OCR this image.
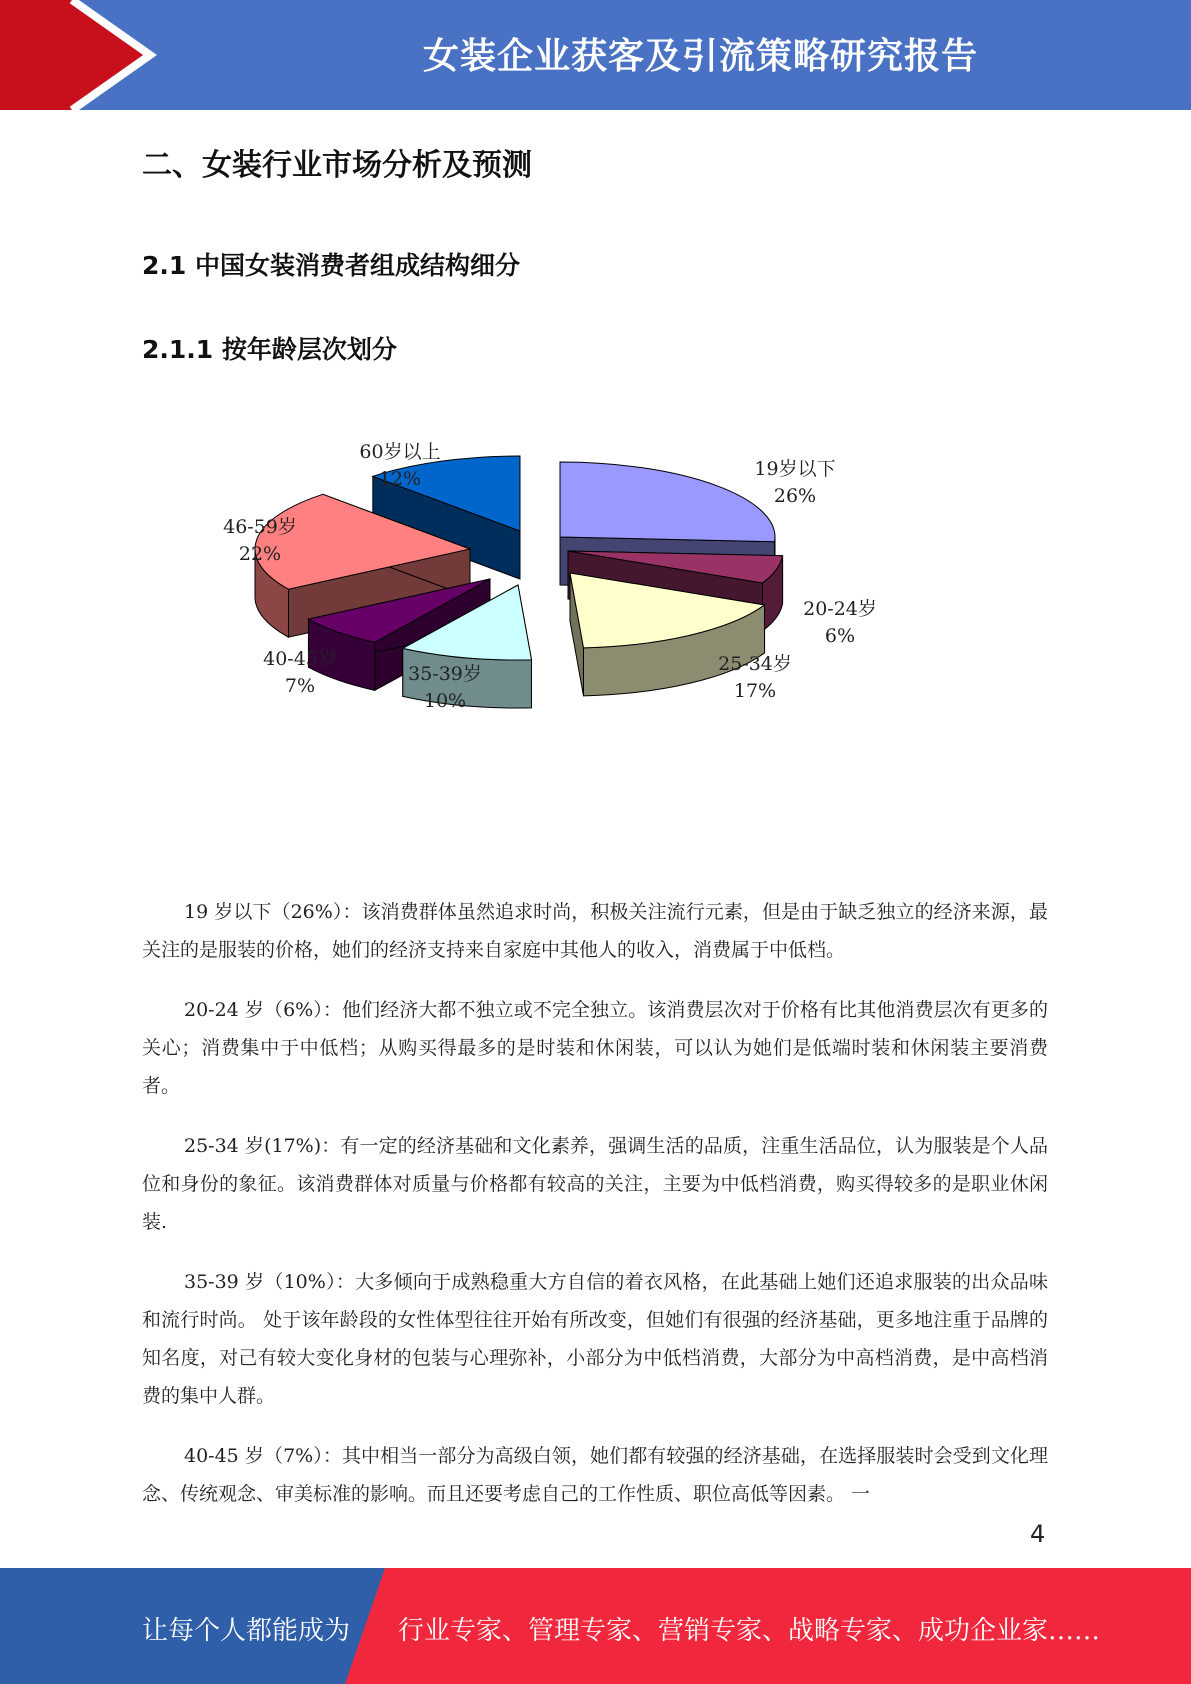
女装企业获客及引流策略研究报告
二、女装行业市场分析及预测
2.1 中国女装消费者组成结构细分
2.1.1 按年龄层次划分
19岁以下
26%
20-24岁
6%
25-34岁
17%
35-39岁
10%
40-45岁
7%
46-59岁
22%
60岁以上
12%

19 岁以下（26%）：该消费群体虽然追求时尚，积极关注流行元素，但是由于缺乏独立的经济来源，最关注的是服装的价格，她们的经济支持来自家庭中其他人的收入，消费属于中低档。

20-24 岁（6%）：他们经济大都不独立或不完全独立。该消费层次对于价格有比其他消费层次有更多的关心；消费集中于中低档；从购买得最多的是时装和休闲装，可以认为她们是低端时装和休闲装主要消费者。

25-34 岁(17%)：有一定的经济基础和文化素养，强调生活的品质，注重生活品位，认为服装是个人品位和身份的象征。该消费群体对质量与价格都有较高的关注，主要为中低档消费，购买得较多的是职业休闲装.

35-39 岁（10%）：大多倾向于成熟稳重大方自信的着衣风格，在此基础上她们还追求服装的出众品味和流行时尚。 处于该年龄段的女性体型往往开始有所改变，但她们有很强的经济基础，更多地注重于品牌的知名度，对己有较大变化身材的包装与心理弥补，小部分为中低档消费，大部分为中高档消费，是中高档消费的集中人群。

40-45 岁（7%）：其中相当一部分为高级白领，她们都有较强的经济基础，在选择服装时会受到文化理念、传统观念、审美标准的影响。而且还要考虑自己的工作性质、职位高低等因素。 一

4
让每个人都能成为 行业专家、管理专家、营销专家、战略专家、成功企业家……
